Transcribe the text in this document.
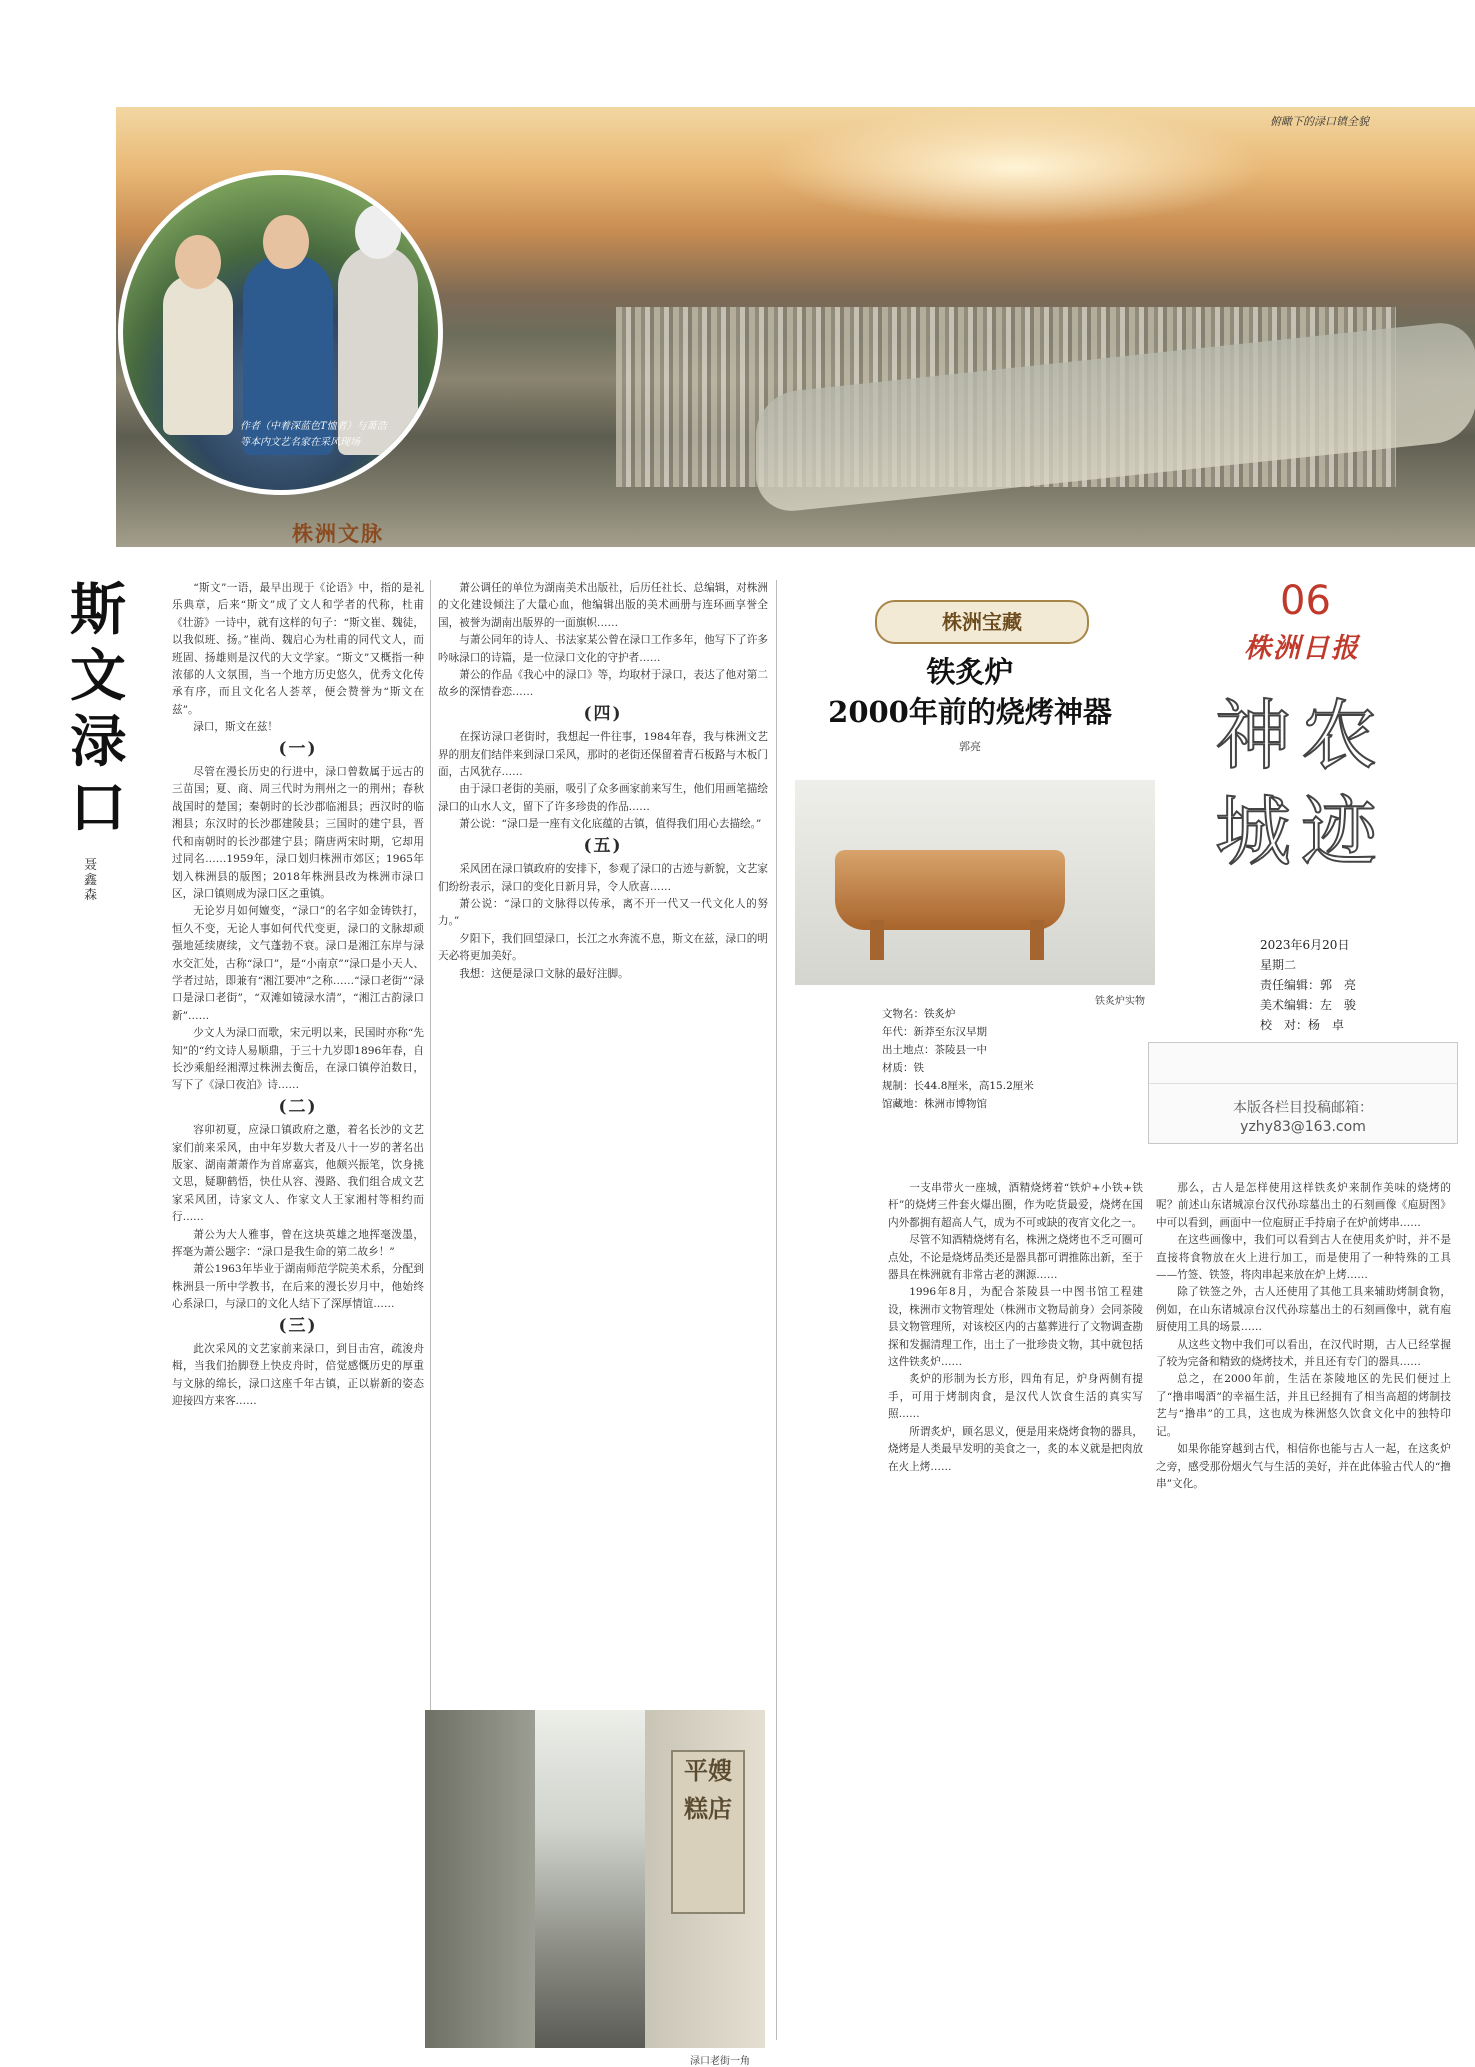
俯瞰下的渌口镇全貌
作者（中着深蓝色T恤者）与萧浩等本内文艺名家在采风现场
株洲文脉
斯文渌口
聂鑫森

“斯文”一语，最早出现于《论语》中，指的是礼乐典章，后来“斯文”成了文人和学者的代称，杜甫《壮游》一诗中，就有这样的句子：“斯文崔、魏徒，以我似班、扬。”崔尚、魏启心为杜甫的同代文人，而班固、扬雄则是汉代的大文学家。“斯文”又概指一种浓郁的人文氛围，当一个地方历史悠久，优秀文化传承有序，而且文化名人荟萃，便会赞誉为“斯文在兹”。

渌口，斯文在兹！

(一)

尽管在漫长历史的行进中，渌口曾数属于远古的三苗国；夏、商、周三代时为荆州之一的荆州；春秋战国时的楚国；秦朝时的长沙郡临湘县；西汉时的临湘县；东汉时的长沙郡建陵县；三国时的建宁县，晋代和南朝时的长沙郡建宁县；隋唐两宋时期，它却用过同名……1959年，渌口划归株洲市郊区；1965年划入株洲县的版图；2018年株洲县改为株洲市渌口区，渌口镇则成为渌口区之重镇。

无论岁月如何嬗变，“渌口”的名字如金铸铁打，恒久不变，无论人事如何代代变更，渌口的文脉却顽强地延续赓续，文气蓬勃不衰。渌口是湘江东岸与渌水交汇处，古称“渌口”，是“小南京”“渌口是小天人、学者过站，即兼有“湘江要冲”之称……“渌口老街”“渌口是渌口老街”，“双滩如镜渌水清”，“湘江古韵渌口新”……

少文人为渌口而歌，宋元明以来，民国时亦称“先知”的“约文诗人易顺鼎，于三十九岁即1896年春，自长沙乘船经湘潭过株洲去衡岳，在渌口镇停泊数日，写下了《渌口夜泊》诗……

(二)

容卯初夏，应渌口镇政府之邀，着名长沙的文艺家们前来采风，由中年岁数大者及八十一岁的著名出版家、湖南萧萧作为首席嘉宾，他颇兴振笔，饮身挑文思，疑聊鹤悟，快仕从容、漫路、我们组合成文艺家采风团，诗家文人、作家文人王家湘村等相约而行……

萧公为大人雅事，曾在这块英雄之地挥毫泼墨，挥毫为萧公题字：“渌口是我生命的第二故乡！”

萧公1963年毕业于湖南师范学院美术系，分配到株洲县一所中学教书，在后来的漫长岁月中，他始终心系渌口，与渌口的文化人结下了深厚情谊……

(三)

此次采风的文艺家前来渌口，到目击宫，疏浚舟楫，当我们抬脚登上快皮舟时，倍觉感慨历史的厚重与文脉的绵长，渌口这座千年古镇，正以崭新的姿态迎接四方来客……

萧公调任的单位为湖南美术出版社，后历任社长、总编辑，对株洲的文化建设倾注了大量心血，他编辑出版的美术画册与连环画享誉全国，被誉为湖南出版界的一面旗帜……

与萧公同年的诗人、书法家某公曾在渌口工作多年，他写下了许多吟咏渌口的诗篇，是一位渌口文化的守护者……

萧公的作品《我心中的渌口》等，均取材于渌口，表达了他对第二故乡的深情眷恋……

(四)

在探访渌口老街时，我想起一件往事，1984年春，我与株洲文艺界的朋友们结伴来到渌口采风，那时的老街还保留着青石板路与木板门面，古风犹存……

由于渌口老街的美丽，吸引了众多画家前来写生，他们用画笔描绘渌口的山水人文，留下了许多珍贵的作品……

萧公说：“渌口是一座有文化底蕴的古镇，值得我们用心去描绘。”

(五)

采风团在渌口镇政府的安排下，参观了渌口的古迹与新貌，文艺家们纷纷表示，渌口的变化日新月异，令人欣喜……

萧公说：“渌口的文脉得以传承，离不开一代又一代文化人的努力。”

夕阳下，我们回望渌口，长江之水奔流不息，斯文在兹，渌口的明天必将更加美好。

我想：这便是渌口文脉的最好注脚。

平嫂糕店
渌口老街一角
株洲宝藏
铁炙炉
2000年前的烧烤神器
郭亮
铁炙炉实物
文物名：铁炙炉
年代：新莽至东汉早期
出土地点：茶陵县一中
材质：铁
规制：长44.8厘米，高15.2厘米
馆藏地：株洲市博物馆

一支串带火一座城，酒精烧烤着“铁炉+小铁+铁杆”的烧烤三件套火爆出圈，作为吃货最爱，烧烤在国内外都拥有超高人气，成为不可或缺的夜宵文化之一。

尽管不知酒精烧烤有名，株洲之烧烤也不乏可圈可点处，不论是烧烤品类还是器具都可谓推陈出新，至于器具在株洲就有非常古老的渊源……

1996年8月，为配合茶陵县一中图书馆工程建设，株洲市文物管理处（株洲市文物局前身）会同茶陵县文物管理所，对该校区内的古墓葬进行了文物调查勘探和发掘清理工作，出土了一批珍贵文物，其中就包括这件铁炙炉……

炙炉的形制为长方形，四角有足，炉身两侧有提手，可用于烤制肉食，是汉代人饮食生活的真实写照……

所谓炙炉，顾名思义，便是用来烧烤食物的器具，烧烤是人类最早发明的美食之一，炙的本义就是把肉放在火上烤……

那么，古人是怎样使用这样铁炙炉来制作美味的烧烤的呢？前述山东诸城凉台汉代孙琮墓出土的石刻画像《庖厨图》中可以看到，画面中一位庖厨正手持扇子在炉前烤串……

在这些画像中，我们可以看到古人在使用炙炉时，并不是直接将食物放在火上进行加工，而是使用了一种特殊的工具——竹签、铁签，将肉串起来放在炉上烤……

除了铁签之外，古人还使用了其他工具来辅助烤制食物，例如，在山东诸城凉台汉代孙琮墓出土的石刻画像中，就有庖厨使用工具的场景……

从这些文物中我们可以看出，在汉代时期，古人已经掌握了较为完备和精致的烧烤技术，并且还有专门的器具……

总之，在2000年前，生活在茶陵地区的先民们便过上了“撸串喝酒”的幸福生活，并且已经拥有了相当高超的烤制技艺与“撸串”的工具，这也成为株洲悠久饮食文化中的独特印记。

如果你能穿越到古代，相信你也能与古人一起，在这炙炉之旁，感受那份烟火气与生活的美好，并在此体验古代人的“撸串”文化。

06
株洲日报
神农城迹
2023年6月20日
星期二
责任编辑：郭　亮
美术编辑：左　骏
校　对：杨　卓
本版各栏目投稿邮箱：
yzhy83@163.com
